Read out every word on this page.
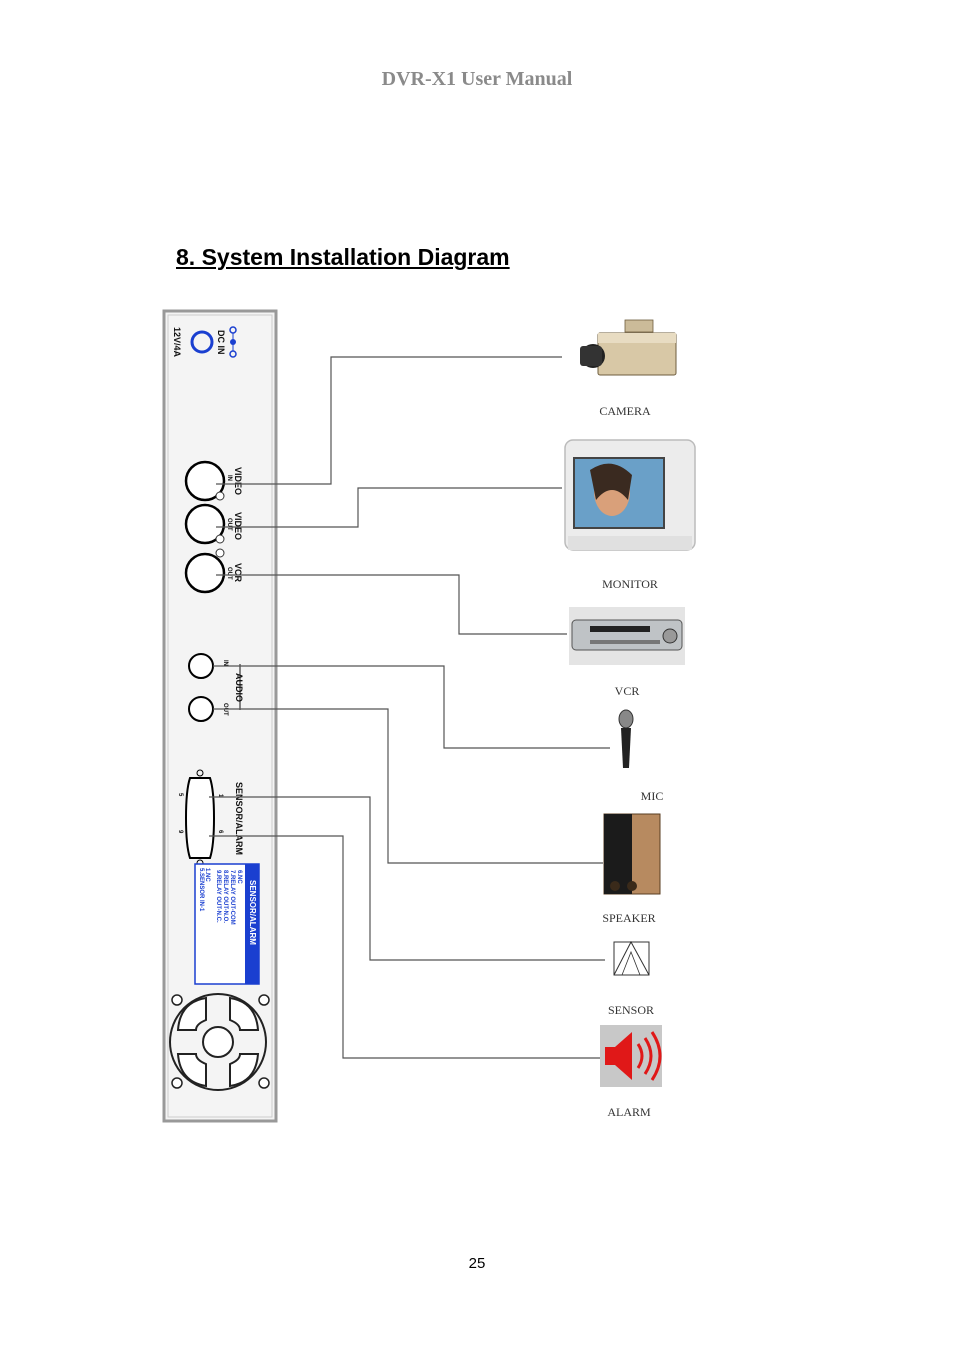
DVR-X1 User Manual
8. System Installation Diagram
12V/4A	DC IN
VIDEO
IN
VIDEO
OUT
VCR
OUT
IN
OUT
AUDIO
5
9
1
6 SENSOR/ALARM
SENSOR/ALARM
6.NC
7.RELAY OUT-COM
8.RELAY OUT-N.O.
9.RELAY OUT-N.C.
1.NC
5.SENSOR IN-1
CAMERA
MONITOR
VCR
MIC
SPEAKER
SENSOR
ALARM
25
